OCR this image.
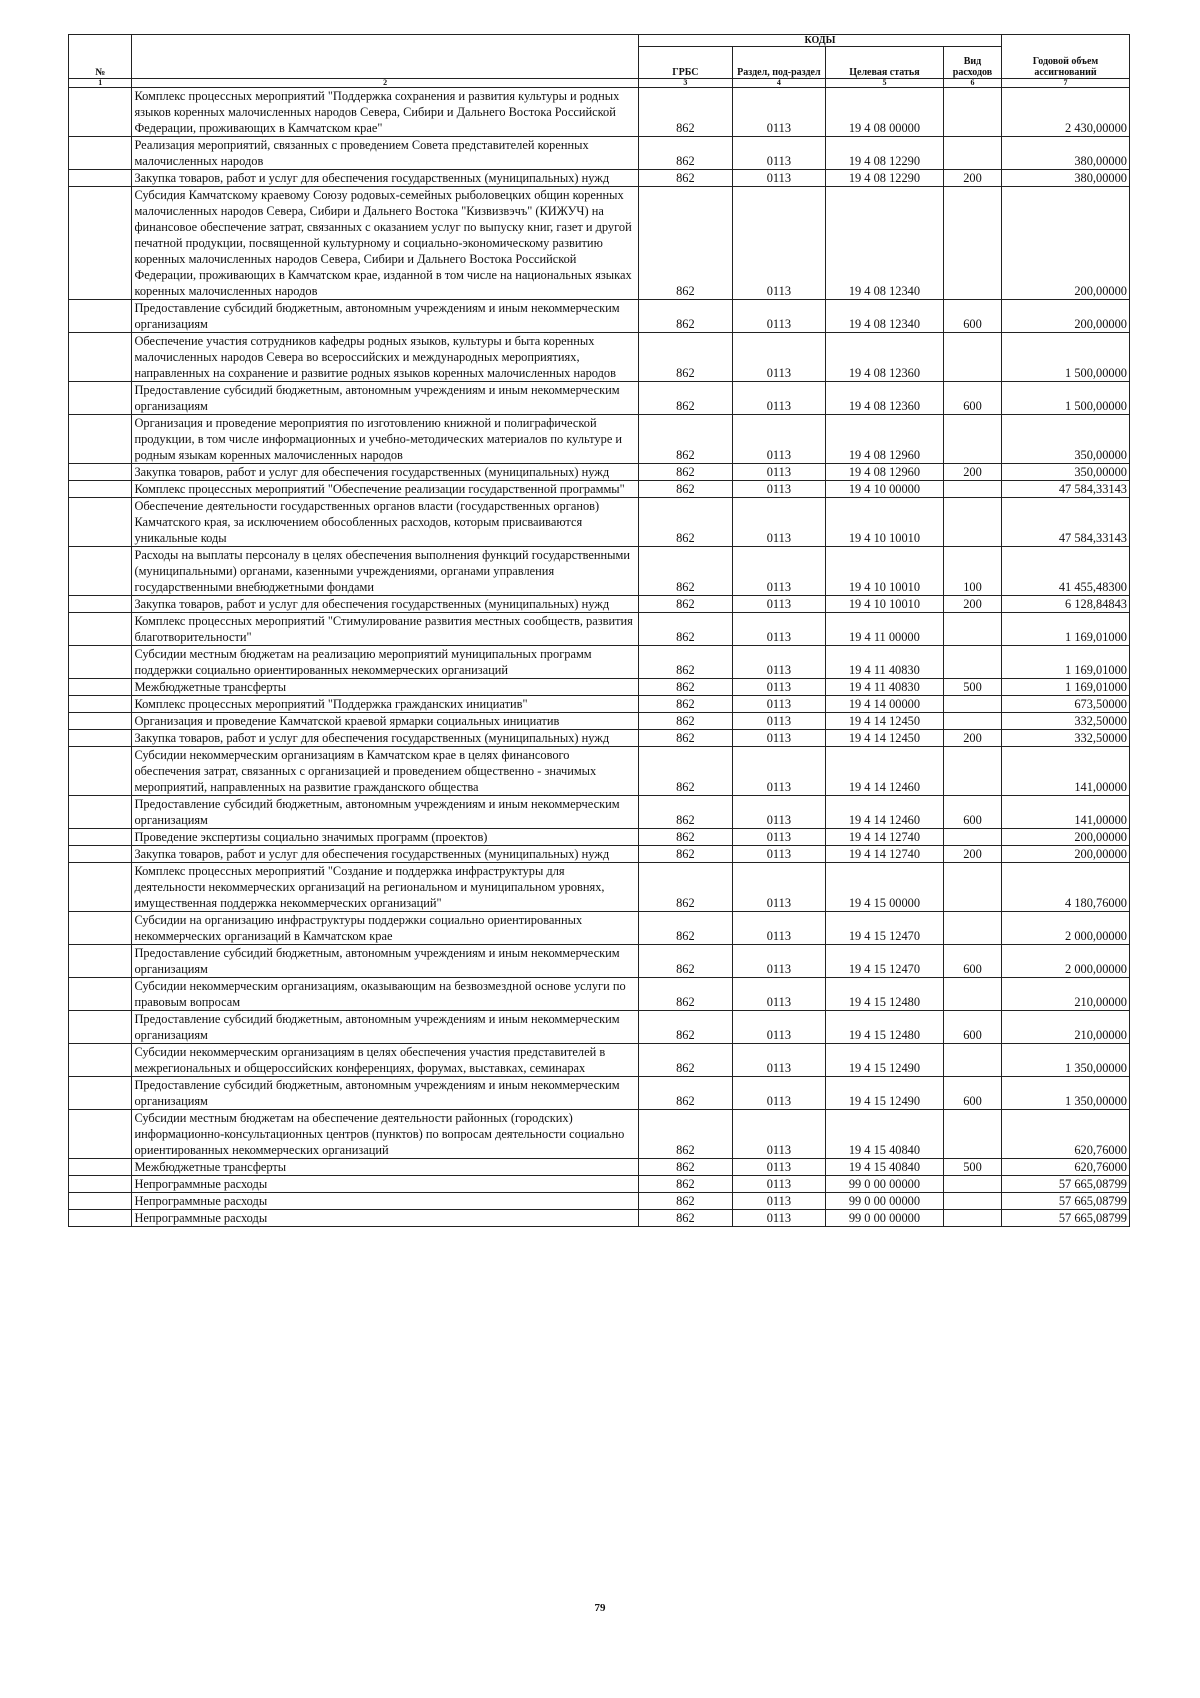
№		КОДЫ				Годовой объем ассигнований
		ГРБС	Раздел, под-раздел	Целевая статья	Вид расходов	
1	2	3	4	5	6	7
	Комплекс процессных мероприятий "Поддержка сохранения и развития культуры и родных языков коренных малочисленных народов Севера, Сибири и Дальнего Востока Российской Федерации, проживающих в Камчатском крае"	862	0113	19 4 08 00000		2 430,00000
	Реализация мероприятий, связанных с проведением Совета представителей коренных малочисленных народов	862	0113	19 4 08 12290		380,00000
	Закупка товаров, работ и услуг для обеспечения государственных (муниципальных) нужд	862	0113	19 4 08 12290	200	380,00000
	Субсидия Камчатскому краевому Союзу родовых-семейных рыболовецких общин коренных малочисленных народов Севера, Сибири и Дальнего Востока "Кизвизвэчъ" (КИЖУЧ) на финансовое обеспечение затрат, связанных с оказанием услуг по выпуску книг, газет и другой печатной продукции, посвященной культурному и социально-экономическому развитию коренных малочисленных народов Севера, Сибири и Дальнего Востока Российской Федерации, проживающих в Камчатском крае, изданной в том числе на национальных языках коренных малочисленных народов	862	0113	19 4 08 12340		200,00000
	Предоставление субсидий бюджетным, автономным учреждениям и иным некоммерческим организациям	862	0113	19 4 08 12340	600	200,00000
	Обеспечение участия сотрудников кафедры родных языков, культуры и быта коренных малочисленных народов Севера во всероссийских и международных мероприятиях, направленных на сохранение и развитие родных языков коренных малочисленных народов	862	0113	19 4 08 12360		1 500,00000
	Предоставление субсидий бюджетным, автономным учреждениям и иным некоммерческим организациям	862	0113	19 4 08 12360	600	1 500,00000
	Организация и проведение мероприятия по изготовлению книжной и полиграфической продукции, в том числе информационных и учебно-методических материалов по культуре и родным языкам коренных малочисленных народов	862	0113	19 4 08 12960		350,00000
	Закупка товаров, работ и услуг для обеспечения государственных (муниципальных) нужд	862	0113	19 4 08 12960	200	350,00000
	Комплекс процессных мероприятий "Обеспечение реализации государственной программы"	862	0113	19 4 10 00000		47 584,33143
	Обеспечение деятельности государственных органов власти (государственных органов) Камчатского края, за исключением обособленных расходов, которым присваиваются уникальные коды	862	0113	19 4 10 10010		47 584,33143
	Расходы на выплаты персоналу в целях обеспечения выполнения функций государственными (муниципальными) органами, казенными учреждениями, органами управления государственными внебюджетными фондами	862	0113	19 4 10 10010	100	41 455,48300
	Закупка товаров, работ и услуг для обеспечения государственных (муниципальных) нужд	862	0113	19 4 10 10010	200	6 128,84843
	Комплекс процессных мероприятий "Стимулирование развития местных сообществ, развития благотворительности"	862	0113	19 4 11 00000		1 169,01000
	Субсидии местным бюджетам на реализацию мероприятий муниципальных программ поддержки социально ориентированных некоммерческих организаций	862	0113	19 4 11 40830		1 169,01000
	Межбюджетные трансферты	862	0113	19 4 11 40830	500	1 169,01000
	Комплекс процессных мероприятий "Поддержка гражданских инициатив"	862	0113	19 4 14 00000		673,50000
	Организация и проведение Камчатской краевой ярмарки социальных инициатив	862	0113	19 4 14 12450		332,50000
	Закупка товаров, работ и услуг для обеспечения государственных (муниципальных) нужд	862	0113	19 4 14 12450	200	332,50000
	Субсидии некоммерческим организациям в Камчатском крае в целях финансового обеспечения затрат, связанных с организацией и проведением общественно - значимых мероприятий, направленных на развитие гражданского общества	862	0113	19 4 14 12460		141,00000
	Предоставление субсидий бюджетным, автономным учреждениям и иным некоммерческим организациям	862	0113	19 4 14 12460	600	141,00000
	Проведение экспертизы социально значимых программ (проектов)	862	0113	19 4 14 12740		200,00000
	Закупка товаров, работ и услуг для обеспечения государственных (муниципальных) нужд	862	0113	19 4 14 12740	200	200,00000
	Комплекс процессных мероприятий "Создание и поддержка инфраструктуры для деятельности некоммерческих организаций на региональном и муниципальном уровнях, имущественная поддержка некоммерческих организаций"	862	0113	19 4 15 00000		4 180,76000
	Субсидии на организацию инфраструктуры поддержки социально ориентированных некоммерческих организаций в Камчатском крае	862	0113	19 4 15 12470		2 000,00000
	Предоставление субсидий бюджетным, автономным учреждениям и иным некоммерческим организациям	862	0113	19 4 15 12470	600	2 000,00000
	Субсидии некоммерческим организациям, оказывающим на безвозмездной основе услуги по правовым вопросам	862	0113	19 4 15 12480		210,00000
	Предоставление субсидий бюджетным, автономным учреждениям и иным некоммерческим организациям	862	0113	19 4 15 12480	600	210,00000
	Субсидии некоммерческим организациям в целях обеспечения участия представителей в межрегиональных и общероссийских конференциях, форумах, выставках, семинарах	862	0113	19 4 15 12490		1 350,00000
	Предоставление субсидий бюджетным, автономным учреждениям и иным некоммерческим организациям	862	0113	19 4 15 12490	600	1 350,00000
	Субсидии местным бюджетам на обеспечение деятельности районных (городских) информационно-консультационных центров (пунктов) по вопросам деятельности социально ориентированных некоммерческих организаций	862	0113	19 4 15 40840		620,76000
	Межбюджетные трансферты	862	0113	19 4 15 40840	500	620,76000
	Непрограммные расходы	862	0113	99 0 00 00000		57 665,08799
	Непрограммные расходы	862	0113	99 0 00 00000		57 665,08799
	Непрограммные расходы	862	0113	99 0 00 00000		57 665,08799
79
